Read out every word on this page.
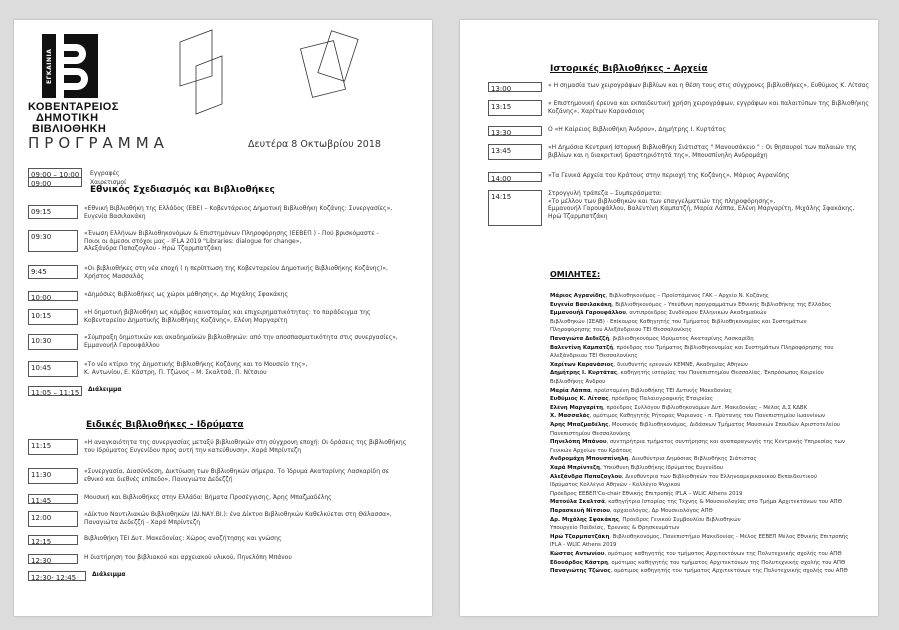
ΕΓΚΑΙΝΙΑ
ΚΟΒΕΝΤΑΡΕΙΟΣ
ΔΗΜΟΤΙΚΗ
ΒΙΒΛΙΟΘΗΚΗ
ΠΡΟΓΡΑΜΜΑ	Δευτέρα 8 Οκτωβρίου 2018
09:00 – 10:00	Εγγραφές
09:00	Χαιρετισμοί
Εθνικός Σχεδιασμός και Βιβλιοθήκες
09:15	«Εθνική Βιβλιοθήκη της Ελλάδος (ΕΒΕ) – Κοβεντάρειος Δημοτική Βιβλιοθήκη Κοζάνης: Συνεργασίες»,
Ευγενία Βασιλακάκη
09:30	«Ένωση Ελλήνων Βιβλιοθηκονόμων & Επιστημόνων Πληροφόρησης (ΕΕΒΕΠ ) - Πού βρισκόμαστε -
Ποιοι οι άμεσοι στόχοι μας - IFLA 2019 "Libraries: dialogue for change»,
Αλεξάνδρα Παπαζογλου - Ηρώ Τζαρμπατζάκη
9:45	«Οι βιβλιοθήκες στη νέα εποχή ( η περίπτωση της Κοβενταρείου Δημοτικής Βιβλιοθήκης Κοζάνης)»,
Χρήστος Μασσαλάς
10:00	«Δημόσιες Βιβλιοθήκες ως χώροι μάθησης», Δρ Μιχάλης Σφακάκης
10:15	«Η δημοτική βιβλιοθήκη ως κόμβος καινοτομίας και επιχειρηματικότητας: το παράδειγμα της
Κοβενταρείου Δημοτικής Βιβλιοθήκης Κοζάνης», Ελένη Μαργαρίτη
10:30	«Σύμπραξη δημοτικών και ακαδημαϊκών βιβλιοθηκών: από την αποσπασματικότητα στις συνεργασίες»,
Εμμανουήλ Γαρουφάλλου
10:45	«Το νέο κτίριο της Δημοτικής Βιβλιοθήκης Κοζάνης και το Μουσείο της»,
Κ. Αντωνίου, Ε. Κάστρη, Π. Τζώνος – Μ. Σκαλτσά, Π. Νίτσιου
11:05 – 11:15	Διάλειμμα
Ειδικές Βιβλιοθήκες - Ιδρύματα
11:15	«Η αναγκαιότητα της συνεργασίας μεταξύ βιβλιοθηκών στη σύγχρονη εποχή: Οι δράσεις της βιβλιοθήκης
του Ιδρύματος Ευγενίδου προς αυτή την κατεύθυνση», Χαρά Μπρίντεζη
11:30	«Συνεργασία, Διασύνδεση, Δικτύωση των Βιβλιοθηκών σήμερα. Το Ίδρυμα Ακαταρίνης Λασκαρίδη σε
εθνικό και διεθνές επίπεδο», Παναγιώτα Δεδεζζή
11:45	Μουσική και Βιβλιοθήκες στην Ελλάδα: Βήματα Προσέγγισης, Άρης Μπαζμαδέλης
12:00	«Δίκτυο Ναυτιλιακών Βιβλιοθηκών (ΔΙ.ΝΑΥ.ΒΙ.): ένα Δίκτυο Βιβλιοθηκών Καθελκύεται στη Θάλασσα»,
Παναγιώτα Δεδεζζή - Χαρά Μπρίντεζη
12:15	Βιβλιοθήκη ΤΕΙ Δυτ. Μακεδονίας: Χώρος αναζήτησης και γνώσης
12:30	Η διατήρηση του βιβλιακού και αρχειακού υλικού, Πηνελόπη Μπάνου
12:30- 12:45	Διάλειμμα
Ιστορικές Βιβλιοθήκες - Αρχεία
13:00	« Η σημασία των χειρογράφων βιβλίων και η θέση τους στις σύγχρονες βιβλιοθήκες», Ευθύμιος Κ. Λίτσας
13:15	« Επιστημονική έρευνα και εκπαιδευτική χρήση χειρογράφων, εγγράφων και παλαιτύπων της Βιβλιοθήκης
Κοζάνης», Χαρίτων Καρανάσιος
13:30	Ο «Η Καίρειος Βιβλιοθήκη Άνδρου», Δημήτρης Ι. Κυρτάτας
13:45	«Η Δημόσια Κεντρική Ιστορική Βιβλιοθήκη Σιάτιστας " Μανουσάκειο " : Οι θησαυροί των παλαιών της
βιβλίων και η διακριτική δραστηριότητά της», Μπουσπίνηλη Ανδρομάχη
14:00	«Τα Γενικά Αρχεία του Κράτους στην περιοχή της Κοζάνης», Μάριος Αγρανίδης
14:15	Στρογγυλή τράπεζα – Συμπεράσματα:
«Το μέλλον των βιβλιοθηκών και των επαγγελματιών της πληροφόρησης»,
Εμμανουήλ Γαρουφάλλου, Βαλεντίνη Καμπατζή, Μαρία Λάππα, Ελένη Μαργαρίτη, Μιχάλης Σφακάκης,
Ηρώ Τζαρμπατζάκη
ΟΜΙΛΗΤΕΣ:
Μάριος Αγρανίδης, Βιβλιοθηκονόμος – Προϊστάμενος ΓΑΚ – Αρχείο Ν. Κοζάνης
Ευγενία Βασιλακάκη, Βιβλιοθηκονόμος – Υπεύθυνη προγραμμάτων Εθνικής Βιβλιοθήκης της Ελλάδος
Εμμανουήλ Γαρουφάλλου, αντιπρόεδρος Συνδέσμου Ελληνικών Ακαδημαϊκών
Βιβλιοθηκών (ΣΕΑΒ) · Επίκουρος Καθηγητής του Τμήματος Βιβλιοθηκονομίας και Συστημάτων
Πληροφόρησης του Αλεξάνδρειου ΤΕΙ Θεσσαλονίκης
Παναγιώτα Δεδεζζή, βιβλιοθηκονόμος Ιδρύματος Ακαταρίνης Λασκαρίδη
Βαλεντίνη Καμπατζή, πρόεδρος του Τμήματος Βιβλιοθηκονομίας και Συστημάτων Πληροφόρησης του
Αλεξάνδρειου ΤΕΙ Θεσσαλονίκης
Χαρίτων Καρανάσιος, διευθυντής ερευνών ΚΕΜΝΕ, Ακαδημίας Αθηνών
Δημήτρης Ι. Κυρτάτας, καθηγητής ιστορίας του Πανεπιστημίου Θεσσαλίας, Έκπρόσωπος Καιρείου
Βιβλιοθήκης Άνδρου
Μαρία Λάππα, προϊσταμένη Βιβλιοθήκης ΤΕΙ Δυτικής Μακεδονίας
Ευθύμιος Κ. Λίτσας, πρόεδρος Παλαιογραφικής Εταιρείας
Ελένη Μαργαρίτη, πρόεδρος Συλλόγου Βιβλιοθηκονόμων Δυτ. Μακεδονίας – Μέλος Δ.Σ ΚΔΒΚ
Χ. Μασσαλάς, ομότιμος Καθηγητής Ρήτορας Ψαριανος - π. Πρύτανης του Πανεπιστημίου Ιωαννίνων
Άρης Μπαζμαδέλης, Μουσικός Βιβλιοθηκονόμος, Διδάσκων Τμήματος Μουσικών Σπουδών Αριστοτελείου
Πανεπιστημίου Θεσσαλονίκης
Πηνελόπη Μπάνου, συντηρήτρια τμήματος συντήρησης και αναπαραγωγής της Κεντρικής Υπηρεσίας των
Γενικών Αρχείων του Κράτους
Ανδρομάχη Μπουσπίνηλη, Διευθύντρια Δημόσιας Βιβλιοθήκης Σιάτιστας
Χαρά Μπρίντεζη, Υπεύθυνη Βιβλιοθήκης Ιδρύματος Ευγενίδου
Αλεξάνδρα Παπαζογλου, Διευθύντρια των Βιβλιοθηκών του Ελληνοαμερικανικού Εκπαιδευτικού
Ιδρύματος Κολλέγιο Αθηνών - Κολλέγιο Ψυχικού
Πρόεδρος ΕΕΒΕΠ'Co-chair Εθνικής Επιτροπής IFLA – WLIC Athens 2019
Ματούλα Σκαλτσά, καθηγήτρια Ιστορίας της Τέχνης & Μουσειολογίας στο Τμήμα Αρχιτεκτόνων του ΑΠΘ
Παρασκευή Νίτσιου, αρχαιολόγος, Δρ Μουσειολόγος ΑΠΘ
Δρ. Μιχάλης Σφακάκης, Πρόεδρος Γενικού Συμβουλίου Βιβλιοθηκών
Υπουργείο Παιδείας, Έρευνας & Θρησκευμάτων
Ηρώ Τζαρμπατζάκη, Βιβλιοθηκονόμος, Πανεπιστήμιο Μακεδονίας - Μέλος ΕΕΒΕΠ Μέλος Εθνικής Επιτροπής
IFLA - WLIC Athens 2019
Κώστας Αντωνίου, ομότιμος καθηγητής του τμήματος Αρχιτεκτόνων της Πολυτεχνικής σχολής του ΑΠΘ
Εδουάρδος Κάστρη, ομότιμος καθηγητής του τμήματος Αρχιτεκτόνων της Πολυτεχνικής σχολής του ΑΠΘ
Παναγιώτης Τζώνος, ομότιμος καθηγητής του τμήματος Αρχιτεκτόνων της Πολυτεχνικής σχολής του ΑΠΘ
